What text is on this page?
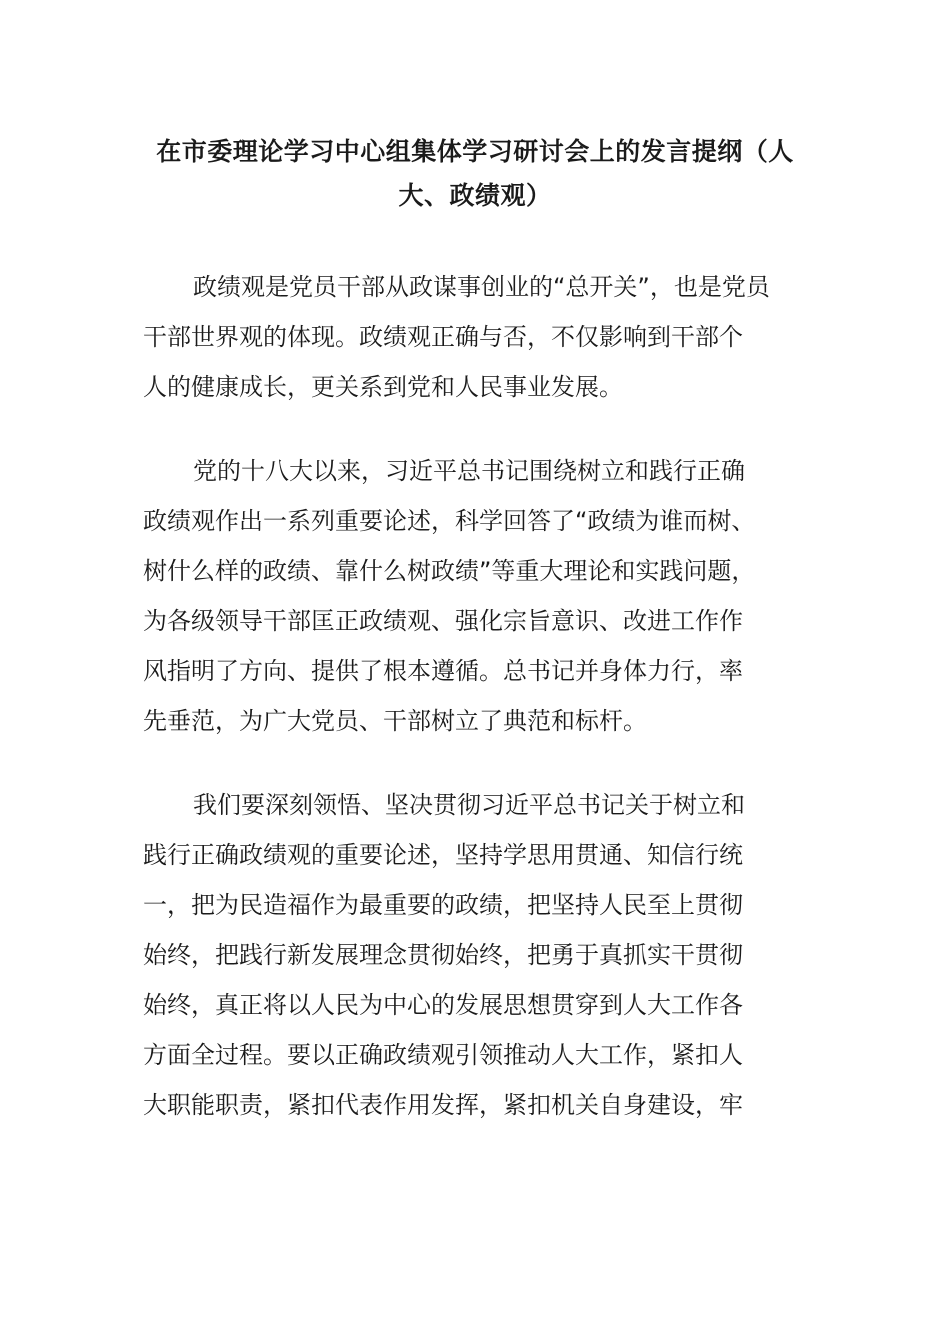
在市委理论学习中心组集体学习研讨会上的发言提纲（人
大、政绩观）
政绩观是党员干部从政谋事创业的“总开关”，也是党员
干部世界观的体现。政绩观正确与否，不仅影响到干部个
人的健康成长，更关系到党和人民事业发展。
党的十八大以来，习近平总书记围绕树立和践行正确
政绩观作出一系列重要论述，科学回答了“政绩为谁而树、
树什么样的政绩、靠什么树政绩”等重大理论和实践问题，
为各级领导干部匡正政绩观、强化宗旨意识、改进工作作
风指明了方向、提供了根本遵循。总书记并身体力行，率
先垂范，为广大党员、干部树立了典范和标杆。
我们要深刻领悟、坚决贯彻习近平总书记关于树立和
践行正确政绩观的重要论述，坚持学思用贯通、知信行统
一，把为民造福作为最重要的政绩，把坚持人民至上贯彻
始终，把践行新发展理念贯彻始终，把勇于真抓实干贯彻
始终，真正将以人民为中心的发展思想贯穿到人大工作各
方面全过程。要以正确政绩观引领推动人大工作，紧扣人
大职能职责，紧扣代表作用发挥，紧扣机关自身建设，牢
